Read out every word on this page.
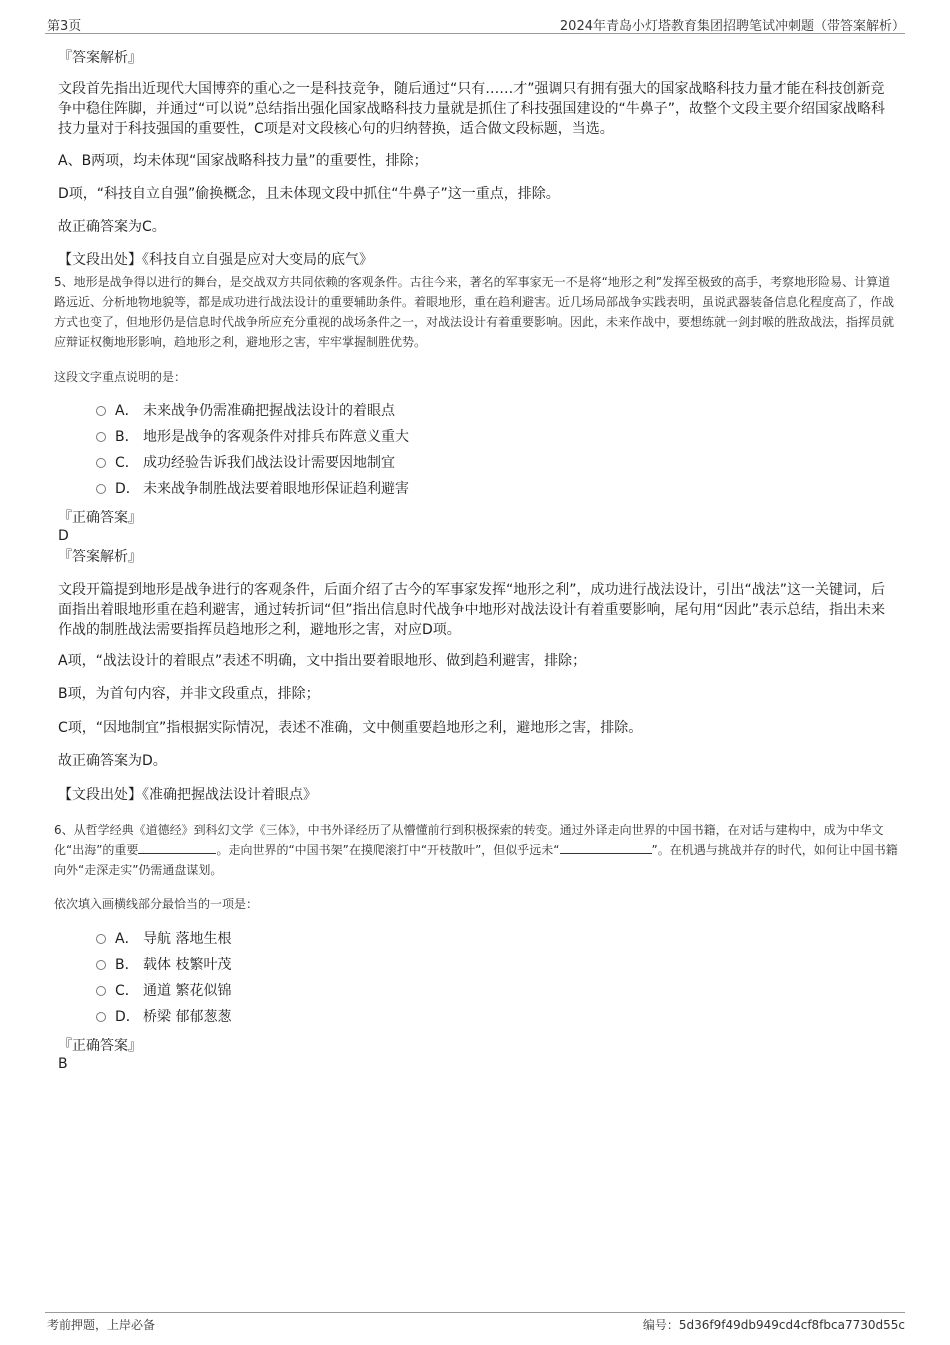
第3页	2024年青岛小灯塔教育集团招聘笔试冲刺题（带答案解析）

『答案解析』

文段首先指出近现代大国博弈的重心之一是科技竞争，随后通过“只有……才”强调只有拥有强大的国家战略科技力量才能在科技创新竞争中稳住阵脚，并通过“可以说”总结指出强化国家战略科技力量就是抓住了科技强国建设的“牛鼻子”，故整个文段主要介绍国家战略科技力量对于科技强国的重要性，C项是对文段核心句的归纳替换，适合做文段标题，当选。

A、B两项，均未体现“国家战略科技力量”的重要性，排除；

D项，“科技自立自强”偷换概念，且未体现文段中抓住“牛鼻子”这一重点，排除。

故正确答案为C。

【文段出处】《科技自立自强是应对大变局的底气》

5、地形是战争得以进行的舞台，是交战双方共同依赖的客观条件。古往今来，著名的军事家无一不是将“地形之利”发挥至极致的高手，考察地形险易、计算道路远近、分析地物地貌等，都是成功进行战法设计的重要辅助条件。着眼地形，重在趋利避害。近几场局部战争实践表明，虽说武器装备信息化程度高了，作战方式也变了，但地形仍是信息时代战争所应充分重视的战场条件之一，对战法设计有着重要影响。因此，未来作战中，要想练就一剑封喉的胜敌战法，指挥员就应辩证权衡地形影响，趋地形之利，避地形之害，牢牢掌握制胜优势。

这段文字重点说明的是：

A． 未来战争仍需准确把握战法设计的着眼点
B． 地形是战争的客观条件对排兵布阵意义重大
C． 成功经验告诉我们战法设计需要因地制宜
D． 未来战争制胜战法要着眼地形保证趋利避害

『正确答案』

D

『答案解析』

文段开篇提到地形是战争进行的客观条件，后面介绍了古今的军事家发挥“地形之利”，成功进行战法设计，引出“战法”这一关键词，后面指出着眼地形重在趋利避害，通过转折词“但”指出信息时代战争中地形对战法设计有着重要影响，尾句用“因此”表示总结，指出未来作战的制胜战法需要指挥员趋地形之利，避地形之害，对应D项。

A项，“战法设计的着眼点”表述不明确，文中指出要着眼地形、做到趋利避害，排除；

B项，为首句内容，并非文段重点，排除；

C项，“因地制宜”指根据实际情况，表述不准确，文中侧重要趋地形之利，避地形之害，排除。

故正确答案为D。

【文段出处】《准确把握战法设计着眼点》

6、从哲学经典《道德经》到科幻文学《三体》，中书外译经历了从懵懂前行到积极探索的转变。通过外译走向世界的中国书籍，在对话与建构中，成为中华文化“出海”的重要	。走向世界的“中国书架”在摸爬滚打中“开枝散叶”，但似乎远未“	”。在机遇与挑战并存的时代，如何让中国书籍向外“走深走实”仍需通盘谋划。

依次填入画横线部分最恰当的一项是：

A． 导航 落地生根
B． 载体 枝繁叶茂
C． 通道 繁花似锦
D． 桥梁 郁郁葱葱

『正确答案』

B
考前押题，上岸必备	编号：5d36f9f49db949cd4cf8fbca7730d55c
